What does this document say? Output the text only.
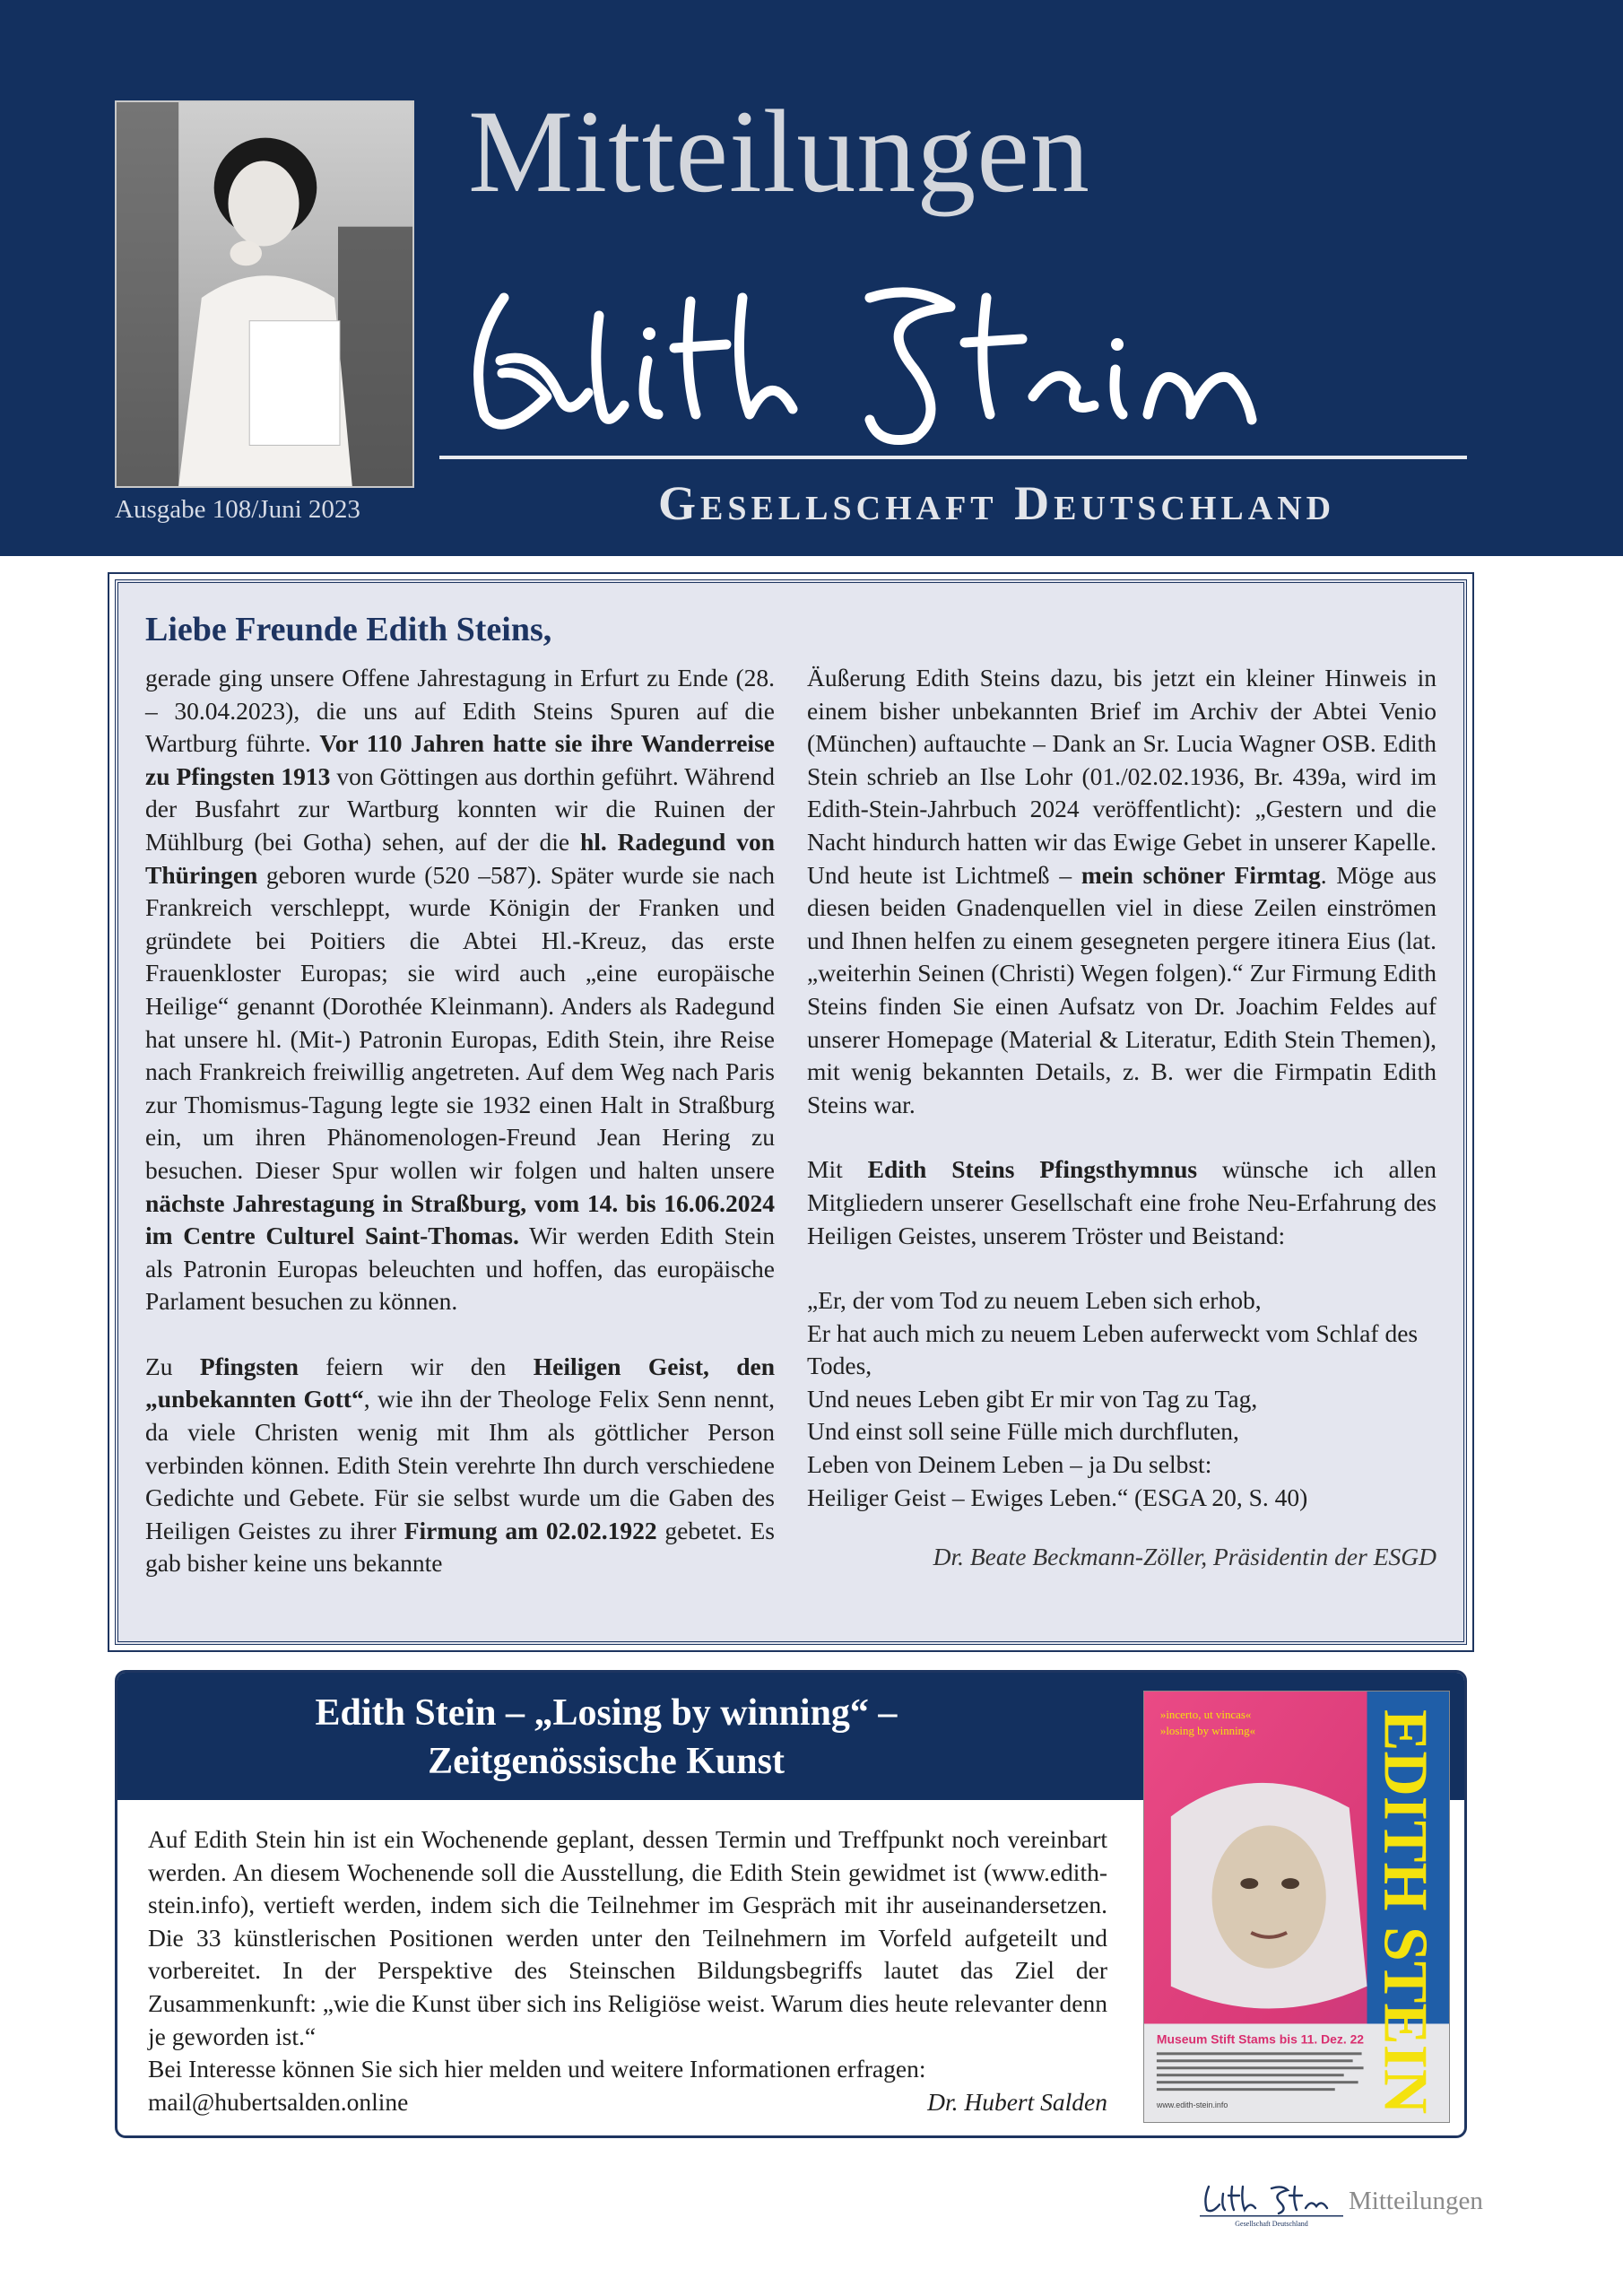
Ausgabe 108/Juni 2023
Mitteilungen
Gesellschaft Deutschland
Liebe Freunde Edith Steins,

gerade ging unsere Offene Jahrestagung in Erfurt zu Ende (28. – 30.04.2023), die uns auf Edith Steins Spuren auf die Wartburg führte. Vor 110 Jahren hatte sie ihre Wanderreise zu Pfingsten 1913 von Göttingen aus dorthin geführt. Während der Busfahrt zur Wartburg konnten wir die Ruinen der Mühlburg (bei Gotha) sehen, auf der die hl. Radegund von Thüringen geboren wurde (520 –587). Später wurde sie nach Frankreich verschleppt, wurde Königin der Franken und gründete bei Poitiers die Abtei Hl.-Kreuz, das erste Frauenkloster Europas; sie wird auch „eine europäische Heilige“ genannt (Dorothée Kleinmann). Anders als Radegund hat unsere hl. (Mit-) Patronin Europas, Edith Stein, ihre Reise nach Frankreich freiwillig angetreten. Auf dem Weg nach Paris zur Thomismus-Tagung legte sie 1932 einen Halt in Straßburg ein, um ihren Phänomenologen-Freund Jean Hering zu besuchen. Dieser Spur wollen wir folgen und halten unsere nächste Jahrestagung in Straßburg, vom 14. bis 16.06.2024 im Centre Culturel Saint-Thomas. Wir werden Edith Stein als Patronin Europas beleuchten und hoffen, das europäische Parlament besuchen zu können.

Zu Pfingsten feiern wir den Heiligen Geist, den „unbekannten Gott“, wie ihn der Theologe Felix Senn nennt, da viele Christen wenig mit Ihm als göttlicher Person verbinden können. Edith Stein verehrte Ihn durch verschiedene Gedichte und Gebete. Für sie selbst wurde um die Gaben des Heiligen Geistes zu ihrer Firmung am 02.02.1922 gebetet. Es gab bisher keine uns bekannte

Äußerung Edith Steins dazu, bis jetzt ein kleiner Hinweis in einem bisher unbekannten Brief im Archiv der Abtei Venio (München) auftauchte – Dank an Sr. Lucia Wagner OSB. Edith Stein schrieb an Ilse Lohr (01./02.02.1936, Br. 439a, wird im Edith-Stein-Jahrbuch 2024 veröffentlicht): „Gestern und die Nacht hindurch hatten wir das Ewige Gebet in unserer Kapelle. Und heute ist Lichtmeß – mein schöner Firmtag. Möge aus diesen beiden Gnadenquellen viel in diese Zeilen einströmen und Ihnen helfen zu einem gesegneten pergere itinera Eius (lat. „weiterhin Seinen (Christi) Wegen folgen).“ Zur Firmung Edith Steins finden Sie einen Aufsatz von Dr. Joachim Feldes auf unserer Homepage (Material & Literatur, Edith Stein Themen), mit wenig bekannten Details, z. B. wer die Firmpatin Edith Steins war.

Mit Edith Steins Pfingsthymnus wünsche ich allen Mitgliedern unserer Gesellschaft eine frohe Neu-Erfahrung des Heiligen Geistes, unserem Tröster und Beistand:

„Er, der vom Tod zu neuem Leben sich erhob,
Er hat auch mich zu neuem Leben auferweckt vom Schlaf des Todes,
Und neues Leben gibt Er mir von Tag zu Tag,
Und einst soll seine Fülle mich durchfluten,
Leben von Deinem Leben – ja Du selbst:
Heiliger Geist – Ewiges Leben.“ (ESGA 20, S. 40)

Dr. Beate Beckmann-Zöller, Präsidentin der ESGD
Edith Stein – „Losing by winning“ –
Zeitgenössische Kunst
Auf Edith Stein hin ist ein Wochenende geplant, dessen Termin und Treffpunkt noch vereinbart werden. An diesem Wochenende soll die Ausstellung, die Edith Stein gewidmet ist (www.edith-stein.info), vertieft werden, indem sich die Teilnehmer im Gespräch mit ihr auseinandersetzen. Die 33 künstlerischen Positionen werden unter den Teilnehmern im Vorfeld aufgeteilt und vorbereitet. In der Perspektive des Steinschen Bildungsbegriffs lautet das Ziel der Zusammenkunft: „wie die Kunst über sich ins Religiöse weist. Warum dies heute relevanter denn je geworden ist.“
Bei Interesse können Sie sich hier melden und weitere Informationen erfragen:
mail@hubertsalden.online	Dr. Hubert Salden
»incerto, ut vincas«
»losing by winning« EDITH STEIN
Museum Stift Stams bis 11. Dez. 22
www.edith-stein.info
Gesellschaft Deutschland
Mitteilungen
